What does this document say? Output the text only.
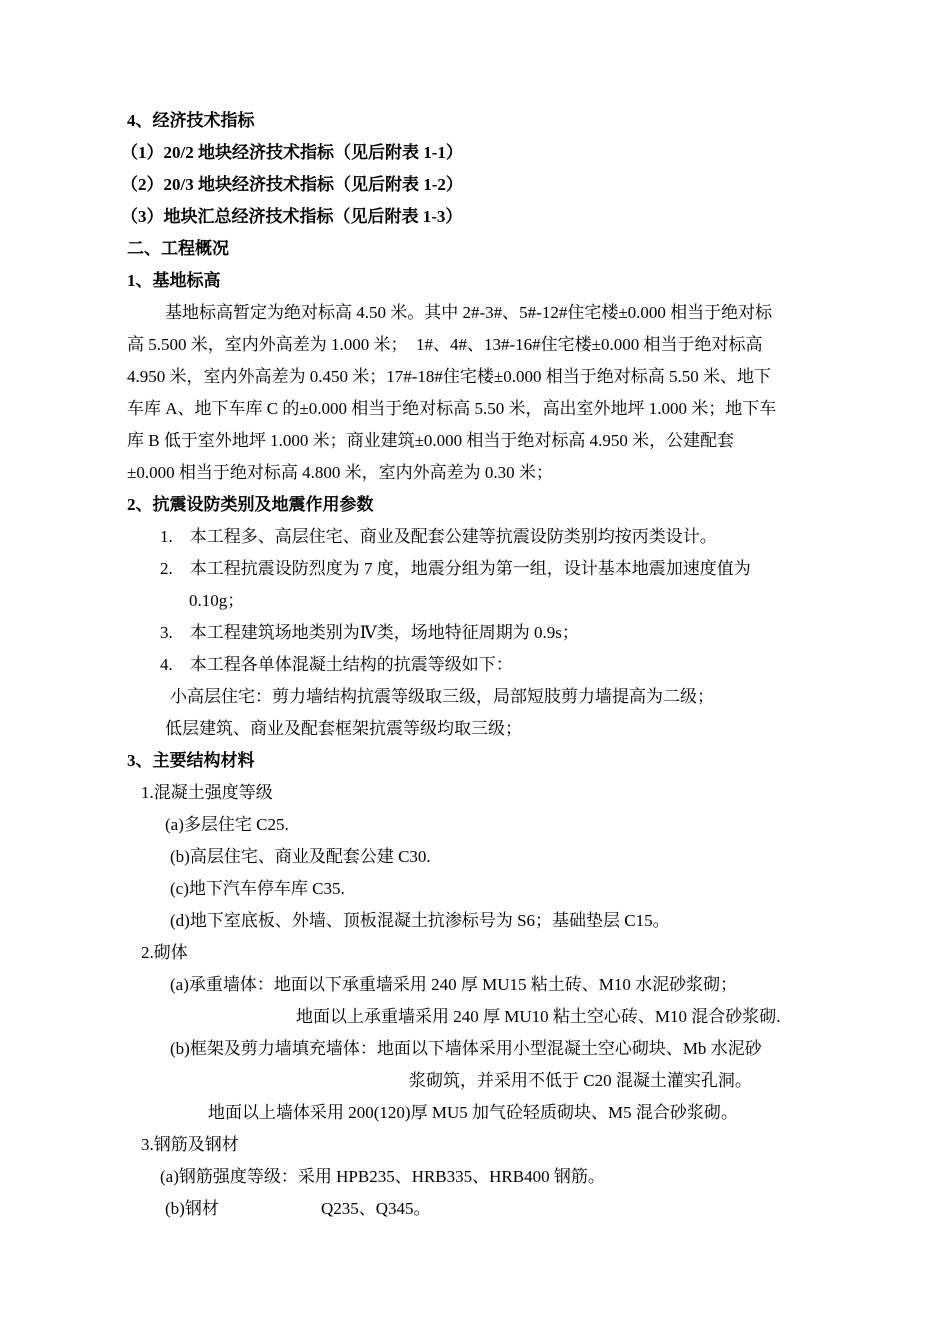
4、经济技术指标
（1）20/2 地块经济技术指标（见后附表 1-1）
（2）20/3 地块经济技术指标（见后附表 1-2）
（3）地块汇总经济技术指标（见后附表 1-3）
二、工程概况
1、基地标高
基地标高暂定为绝对标高 4.50 米。其中 2#-3#、5#-12#住宅楼±0.000 相当于绝对标
高 5.500 米，室内外高差为 1.000 米；　1#、4#、13#-16#住宅楼±0.000 相当于绝对标高
4.950 米，室内外高差为 0.450 米；17#-18#住宅楼±0.000 相当于绝对标高 5.50 米、地下
车库 A、地下车库 C 的±0.000 相当于绝对标高 5.50 米，高出室外地坪 1.000 米；地下车
库 B 低于室外地坪 1.000 米；商业建筑±0.000 相当于绝对标高 4.950 米，公建配套
±0.000 相当于绝对标高 4.800 米，室内外高差为 0.30 米；
2、抗震设防类别及地震作用参数
1.　本工程多、高层住宅、商业及配套公建等抗震设防类别均按丙类设计。
2.　本工程抗震设防烈度为 7 度，地震分组为第一组，设计基本地震加速度值为
0.10g；
3.　本工程建筑场地类别为Ⅳ类，场地特征周期为 0.9s；
4.　本工程各单体混凝土结构的抗震等级如下：
小高层住宅：剪力墙结构抗震等级取三级，局部短肢剪力墙提高为二级；
低层建筑、商业及配套框架抗震等级均取三级；
3、主要结构材料
1.混凝土强度等级
(a)多层住宅 C25.
(b)高层住宅、商业及配套公建 C30.
(c)地下汽车停车库 C35.
(d)地下室底板、外墙、顶板混凝土抗渗标号为 S6；基础垫层 C15。
2.砌体
(a)承重墙体：地面以下承重墙采用 240 厚 MU15 粘土砖、M10 水泥砂浆砌；
地面以上承重墙采用 240 厚 MU10 粘土空心砖、M10 混合砂浆砌.
(b)框架及剪力墙填充墙体：地面以下墙体采用小型混凝土空心砌块、Mb 水泥砂
浆砌筑，并采用不低于 C20 混凝土灌实孔洞。
地面以上墙体采用 200(120)厚 MU5 加气砼轻质砌块、M5 混合砂浆砌。
3.钢筋及钢材
(a)钢筋强度等级：采用 HPB235、HRB335、HRB400 钢筋。
(b)钢材	Q235、Q345。
